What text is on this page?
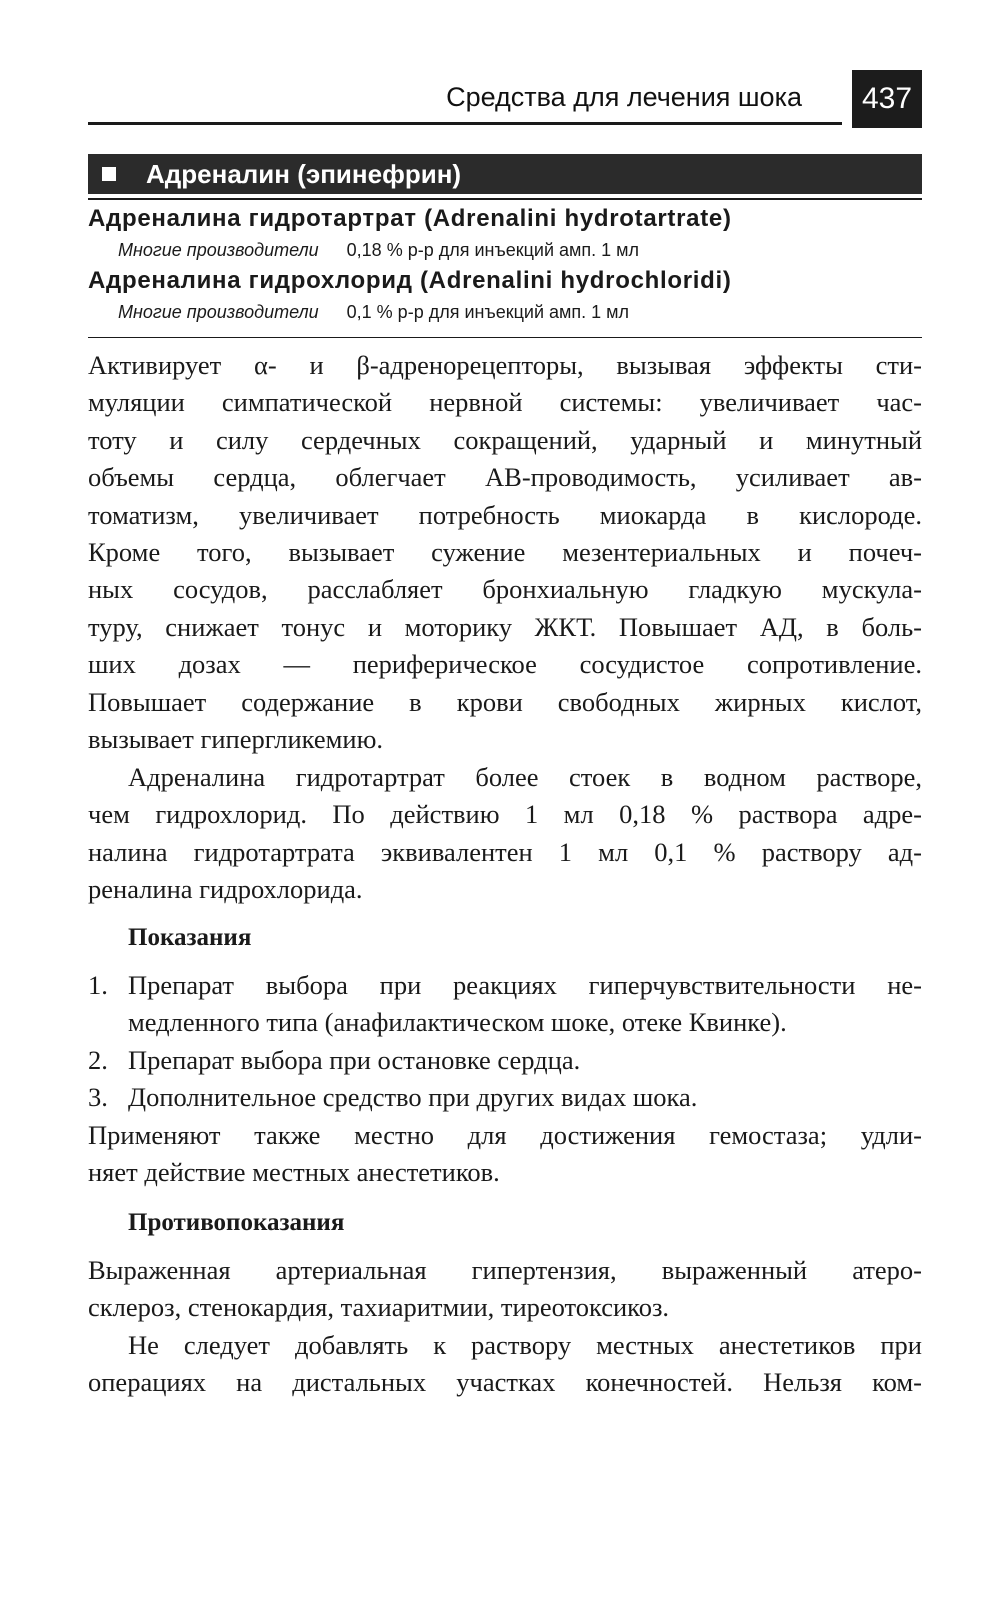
Средства для лечения шока	437
Адреналин (эпинефрин)
Адреналина гидротартрат (Adrenalini hydrotartrate)
Многие производители 0,18 % р-р для инъекций амп. 1 мл
Адреналина гидрохлорид (Adrenalini hydrochloridi)
Многие производители 0,1 % р-р для инъекций амп. 1 мл
Активирует α- и β-адренорецепторы, вызывая эффекты сти-
муляции симпатической нервной системы: увеличивает час-
тоту и силу сердечных сокращений, ударный и минутный
объемы сердца, облегчает АВ-проводимость, усиливает ав-
томатизм, увеличивает потребность миокарда в кислороде.
Кроме того, вызывает сужение мезентериальных и почеч-
ных сосудов, расслабляет бронхиальную гладкую мускула-
туру, снижает тонус и моторику ЖКТ. Повышает АД, в боль-
ших дозах — периферическое сосудистое сопротивление.
Повышает содержание в крови свободных жирных кислот,
вызывает гипергликемию.
Адреналина гидротартрат более стоек в водном растворе,
чем гидрохлорид. По действию 1 мл 0,18 % раствора адре-
налина гидротартрата эквивалентен 1 мл 0,1 % раствору ад-
реналина гидрохлорида.
Показания
1. Препарат выбора при реакциях гиперчувствительности не-
медленного типа (анафилактическом шоке, отеке Квинке).
2. Препарат выбора при остановке сердца.
3. Дополнительное средство при других видах шока.
Применяют также местно для достижения гемостаза; удли-
няет действие местных анестетиков.
Противопоказания
Выраженная артериальная гипертензия, выраженный атеро-
склероз, стенокардия, тахиаритмии, тиреотоксикоз.
Не следует добавлять к раствору местных анестетиков при
операциях на дистальных участках конечностей. Нельзя ком-
